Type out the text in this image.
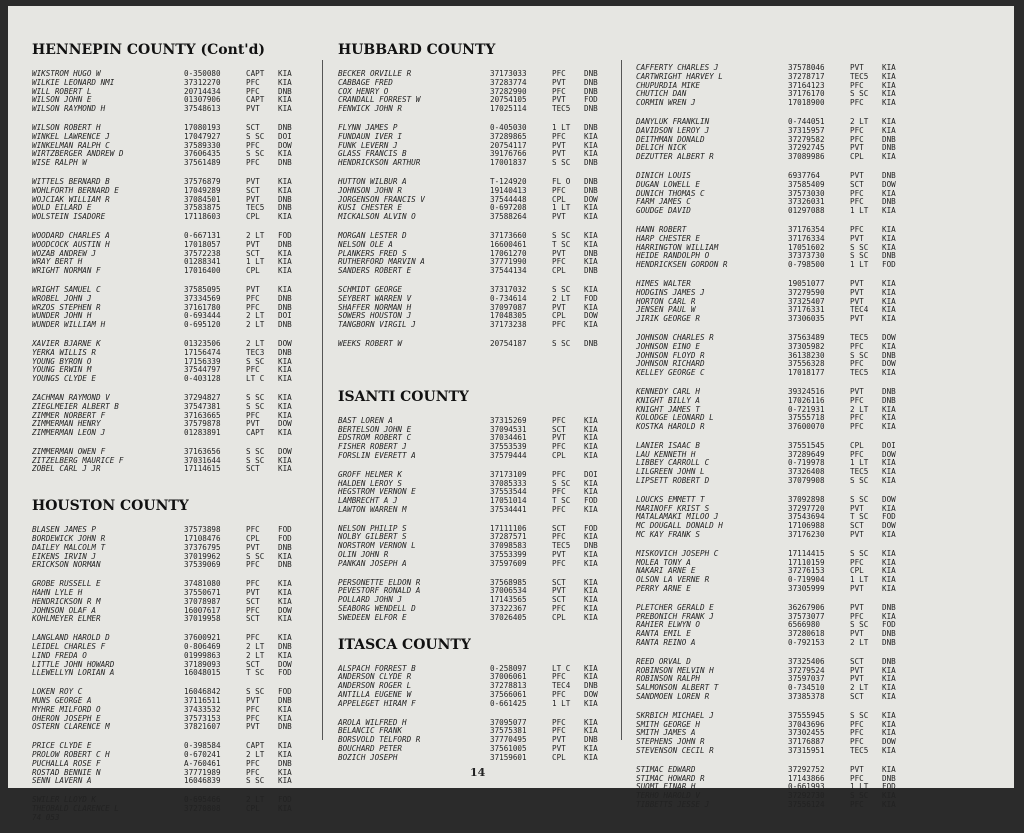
HENNEPIN COUNTY (Cont'd)
WIKSTROM HUGO W	0-350080	CAPT	KIA
WILKIE LEONARD NMI	37312270	PFC	KIA
WILL ROBERT L	20714434	PFC	DNB
WILSON JOHN E	01307906	CAPT	KIA
WILSON RAYMOND H	37548613	PVT	KIA
WILSON ROBERT H	17080193	SCT	DNB
WINKEL LAWRENCE J	17047927	S SC	DOI
WINKELMAN RALPH C	37589330	PFC	DOW
WIRTZBERGER ANDREW D	37606435	S SC	KIA
WISE RALPH W	37561489	PFC	DNB
WITTELS BERNARD B	37576879	PVT	KIA
WOHLFORTH BERNARD E	17049289	SCT	KIA
WOJCIAK WILLIAM R	37084501	PVT	DNB
WOLD EILARD E	37583875	TEC5	DNB
WOLSTEIN ISADORE	17118603	CPL	KIA
WOODARD CHARLES A	0-667131	2 LT	FOD
WOODCOCK AUSTIN H	17018057	PVT	DNB
WOZAB ANDREW J	37572238	SCT	KIA
WRAY BERT H	01288341	1 LT	KIA
WRIGHT NORMAN F	17016400	CPL	KIA
WRIGHT SAMUEL C	37585095	PVT	KIA
WROBEL JOHN J	37334569	PFC	DNB
WRZOS STEPHEN R	37161780	PFC	DNB
WUNDER JOHN H	0-693444	2 LT	DOI
WUNDER WILLIAM H	0-695120	2 LT	DNB
XAVIER BJARNE K	01323506	2 LT	DOW
YERKA WILLIS R	17156474	TEC3	DNB
YOUNG BYRON O	17156339	S SC	KIA
YOUNG ERWIN M	37544797	PFC	KIA
YOUNGS CLYDE E	0-403128	LT C	KIA
ZACHMAN RAYMOND V	37294827	S SC	KIA
ZIEGLMEIER ALBERT B	37547381	S SC	KIA
ZIMMER NORBERT F	37163665	PFC	KIA
ZIMMERMAN HENRY	37579878	PVT	DOW
ZIMMERMAN LEON J	01283891	CAPT	KIA
ZIMMERMAN OWEN F	37163656	S SC	DOW
ZITZELBERG MAURICE F	37031644	S SC	KIA
ZOBEL CARL J JR	17114615	SCT	KIA
HOUSTON COUNTY
BLASEN JAMES P	37573898	PFC	FOD
BORDEWICK JOHN R	17108476	CPL	FOD
DAILEY MALCOLM T	37376795	PVT	DNB
EIKENS IRVIN J	37019962	S SC	KIA
ERICKSON NORMAN	37539069	PFC	DNB
GROBE RUSSELL E	37481080	PFC	KIA
HAHN LYLE H	37550671	PVT	KIA
HENDRICKSON R M	37078987	SCT	KIA
JOHNSON OLAF A	16007617	PFC	DOW
KOHLMEYER ELMER	37019958	SCT	KIA
LANGLAND HAROLD D	37600921	PFC	KIA
LEIDEL CHARLES F	0-806469	2 LT	DNB
LIND FREDA O	01999863	2 LT	KIA
LITTLE JOHN HOWARD	37189093	SCT	DOW
LLEWELLYN LORIAN A	16048015	T SC	FOD
LOKEN ROY C	16046842	S SC	FOD
MUNS GEORGE A	37116511	PVT	DNB
MYHRE MILFORD O	37433532	PFC	KIA
OHERON JOSEPH E	37573153	PFC	KIA
OSTERN CLARENCE M	37821607	PVT	DNB
PRICE CLYDE E	0-398584	CAPT	KIA
PROLOW ROBERT C H	0-670241	2 LT	KIA
PUCHALLA ROSE F	A-760461	PFC	DNB
ROSTAD BENNIE N	37771989	PFC	KIA
SENN LAVERN A	16046839	S SC	KIA
SWILER LLOYD K	0-695466	2 LT	FOD
THEOBALD CLARENCE L	37270808	CPL	KIA
74 053
HUBBARD COUNTY
BECKER ORVILLE R	37173033	PFC	DNB
CABBAGE FRED	37283774	PVT	DNB
COX HENRY O	37282990	PFC	DNB
CRANDALL FORREST W	20754105	PVT	FOD
FENWICK JOHN R	17025114	TEC5	DNB
FLYNN JAMES P	0-405030	1 LT	DNB
FUNDAUN IVER I	37289865	PFC	KIA
FUNK LEVERN J	20754117	PVT	KIA
GLASS FRANCIS B	39176766	PVT	KIA
HENDRICKSON ARTHUR	17001837	S SC	DNB
HUTTON WILBUR A	T-124920	FL O	DNB
JOHNSON JOHN R	19140413	PFC	DNB
JORGENSON FRANCIS V	37544448	CPL	DOW
KUSI CHESTER E	0-697208	1 LT	KIA
MICKALSON ALVIN O	37588264	PVT	KIA
MORGAN LESTER D	37173660	S SC	KIA
NELSON OLE A	16600461	T SC	KIA
PLANKERS FRED S	17061270	PVT	DNB
RUTHERFORD MARVIN A	37771990	PFC	KIA
SANDERS ROBERT E	37544134	CPL	DNB
SCHMIDT GEORGE	37317032	S SC	KIA
SEYBERT WARREN V	0-734614	2 LT	FOD
SHAFFER NORMAN H	37097087	PVT	KIA
SOWERS HOUSTON J	17048305	CPL	DOW
TANGBORN VIRGIL J	37173238	PFC	KIA
WEEKS ROBERT W	20754187	S SC	DNB
ISANTI COUNTY
BAST LOREN A	37315269	PFC	KIA
BERTELSON JOHN E	37094531	SCT	KIA
EDSTROM ROBERT C	37034461	PVT	KIA
FISHER ROBERT J	37553539	PFC	KIA
FORSLIN EVERETT A	37579444	CPL	KIA
GROFF HELMER K	37173109	PFC	DOI
HALDEN LEROY S	37085333	S SC	KIA
HEGSTROM VERNON E	37553544	PFC	KIA
LAMBRECHT A J	17051014	T SC	FOD
LAWTON WARREN M	37534441	PFC	KIA
NELSON PHILIP S	17111106	SCT	FOD
NOLBY GILBERT S	37287571	PFC	KIA
NORSTROM VERNON L	37098583	TEC5	DNB
OLIN JOHN R	37553399	PVT	KIA
PANKAN JOSEPH A	37597609	PFC	KIA
PERSONETTE ELDON R	37568985	SCT	KIA
PEVESTORF RONALD A	37006534	PVT	KIA
POLLARD JOHN J	17143565	SCT	KIA
SEABORG WENDELL D	37322367	PFC	KIA
SWEDEEN ELFOR E	37026405	CPL	KIA
ITASCA COUNTY
ALSPACH FORREST B	0-258097	LT C	KIA
ANDERSON CLYDE R	37006061	PFC	KIA
ANDERSON ROGER L	37278813	TEC4	DNB
ANTILLA EUGENE W	37566061	PFC	DOW
APPELEGET HIRAM F	0-661425	1 LT	KIA
AROLA WILFRED H	37095077	PFC	KIA
BELANCIC FRANK	37575381	PFC	KIA
BORSVOLD TELFORD R	37770495	PVT	DNB
BOUCHARD PETER	37561005	PVT	KIA
BOZICH JOSEPH	37159601	CPL	KIA
CAFFERTY CHARLES J	37578046	PVT	KIA
CARTWRIGHT HARVEY L	37278717	TEC5	KIA
CHUPURDIA MIKE	37164123	PFC	KIA
CHUTICH DAN	37176170	S SC	KIA
CORMIN WREN J	17018900	PFC	KIA
DANYLUK FRANKLIN	0-744051	2 LT	KIA
DAVIDSON LEROY J	37315957	PFC	KIA
DEITHMAN DONALD	37279582	PFC	DNB
DELICH NICK	37292745	PVT	DNB
DEZUTTER ALBERT R	37089986	CPL	KIA
DINICH LOUIS	6937764	PVT	DNB
DUGAN LOWELL E	37585409	SCT	DOW
DUNICH THOMAS C	37573030	PFC	KIA
FARM JAMES C	37326031	PFC	DNB
GOUDGE DAVID	01297088	1 LT	KIA
HANN ROBERT	37176354	PFC	KIA
HARP CHESTER E	37176334	PVT	KIA
HARRINGTON WILLIAM	17051602	S SC	KIA
HEIDE RANDOLPH O	37373730	S SC	DNB
HENDRICKSEN GORDON R	0-798500	1 LT	FOD
HIMES WALTER	19051077	PVT	KIA
HODGINS JAMES J	37279590	PVT	KIA
HORTON CARL R	37325407	PVT	KIA
JENSEN PAUL W	37176331	TEC4	KIA
JIRIK GEORGE R	37306035	PVT	KIA
JOHNSON CHARLES R	37563489	TEC5	DOW
JOHNSON EINO E	37305982	PFC	KIA
JOHNSON FLOYD R	36138230	S SC	DNB
JOHNSON RICHARD	37556328	PFC	DOW
KELLEY GEORGE C	17018177	TEC5	KIA
KENNEDY CARL H	39324516	PVT	DNB
KNIGHT BILLY A	17026116	PFC	DNB
KNIGHT JAMES T	0-721931	2 LT	KIA
KOLODGE LEONARD L	37555718	PFC	KIA
KOSTKA HAROLD R	37600070	PFC	KIA
LANIER ISAAC B	37551545	CPL	DOI
LAU KENNETH H	37289649	PFC	DOW
LIBBEY CARROLL C	0-719978	1 LT	KIA
LILGREEN JOHN L	37326408	TEC5	KIA
LIPSETT ROBERT D	37079908	S SC	KIA
LOUCKS EMMETT T	37092898	S SC	DOW
MARINOFF KRIST S	37297720	PVT	KIA
MATALAMAKI MILOO J	37543694	T SC	FOD
MC DOUGALL DONALD H	17106988	SCT	DOW
MC KAY FRANK S	37176230	PVT	KIA
MISKOVICH JOSEPH C	17114415	S SC	KIA
MOLEA TONY A	17110159	PFC	KIA
NAKARI ARNE E	37276153	CPL	KIA
OLSON LA VERNE R	0-719904	1 LT	KIA
PERRY ARNE E	37305999	PVT	KIA
PLETCHER GERALD E	36267906	PVT	DNB
PREBONICH FRANK J	37573077	PFC	KIA
RAHIER ELWYN O	6566980	S SC	FOD
RANTA EMIL E	37280618	PVT	DNB
RANTA REINO A	0-792153	2 LT	DNB
REED ORVAL D	37325406	SCT	DNB
ROBINSON MELVIN H	37279524	PVT	KIA
ROBINSON RALPH	37597037	PVT	KIA
SALMONSON ALBERT T	0-734510	2 LT	KIA
SANDMOEN LOREN R	37385378	SCT	KIA
SKRBICH MICHAEL J	37555945	S SC	KIA
SMITH GEORGE H	37043696	PFC	KIA
SMITH JAMES A	37302455	PFC	KIA
STEPHENS JOHN R	37176887	PFC	DOW
STEVENSON CECIL R	37315951	TEC5	KIA
STIMAC EDWARD	37292752	PVT	KIA
STIMAC HOWARD R	17143866	PFC	DNB
SUOMI EINAR H	0-661993	1 LT	FOD
TERHO HAROLD V	37292730	S SC	KIA
TIBBETTS JESSE J	37556124	PFC	KIA
14
